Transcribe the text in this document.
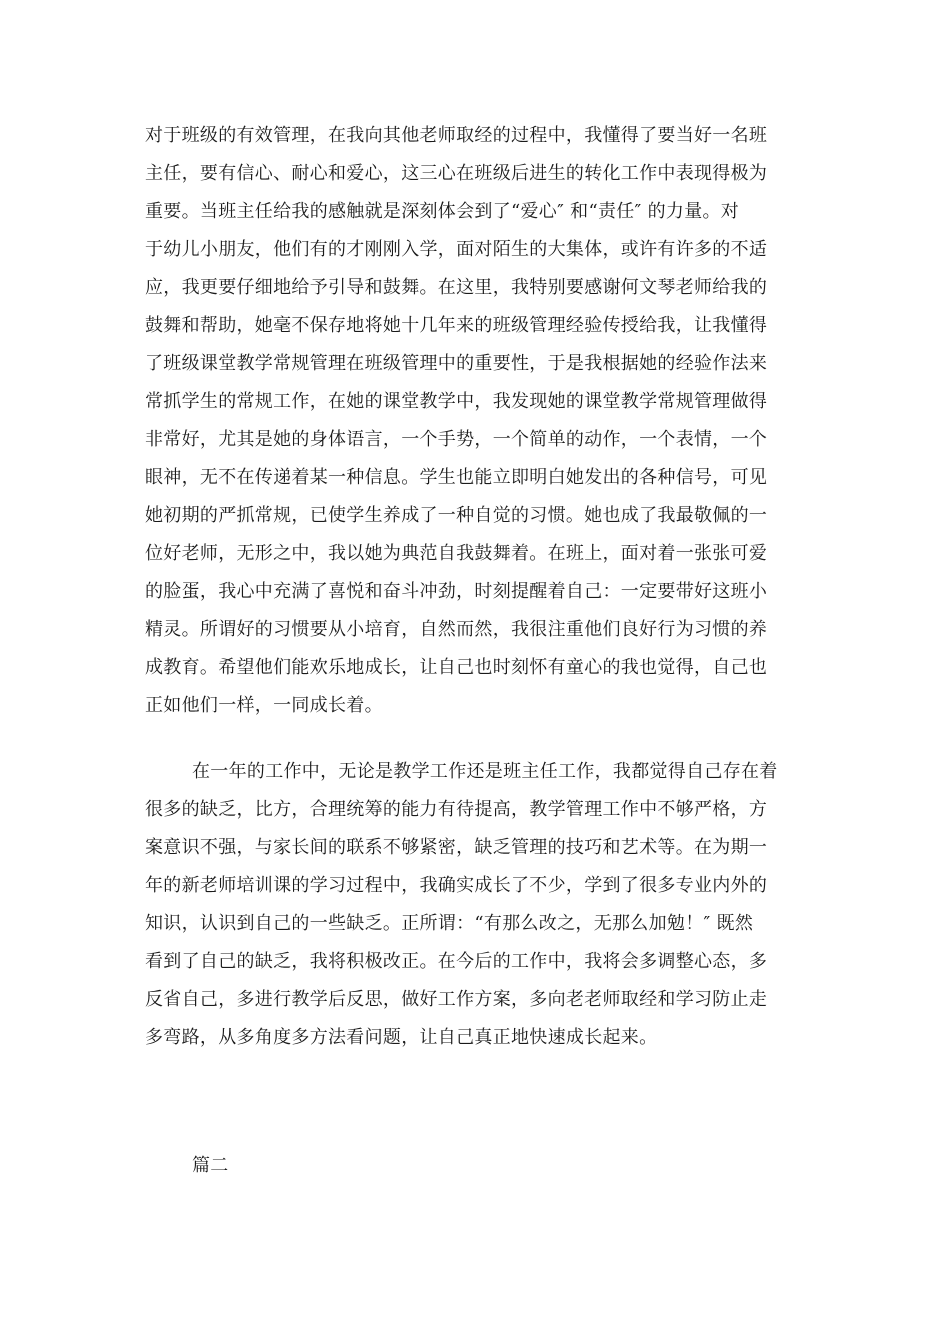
对于班级的有效管理，在我向其他老师取经的过程中，我懂得了要当好一名班
主任，要有信心、耐心和爱心，这三心在班级后进生的转化工作中表现得极为
重要。当班主任给我的感触就是深刻体会到了“爱心″ 和“责任″ 的力量。对
于幼儿小朋友，他们有的才刚刚入学，面对陌生的大集体，或许有许多的不适
应，我更要仔细地给予引导和鼓舞。在这里，我特别要感谢何文琴老师给我的
鼓舞和帮助，她毫不保存地将她十几年来的班级管理经验传授给我，让我懂得
了班级课堂教学常规管理在班级管理中的重要性，于是我根据她的经验作法来
常抓学生的常规工作，在她的课堂教学中，我发现她的课堂教学常规管理做得
非常好，尤其是她的身体语言，一个手势，一个简单的动作，一个表情，一个
眼神，无不在传递着某一种信息。学生也能立即明白她发出的各种信号，可见
她初期的严抓常规，已使学生养成了一种自觉的习惯。她也成了我最敬佩的一
位好老师，无形之中，我以她为典范自我鼓舞着。在班上，面对着一张张可爱
的脸蛋，我心中充满了喜悦和奋斗冲劲，时刻提醒着自己：一定要带好这班小
精灵。所谓好的习惯要从小培育，自然而然，我很注重他们良好行为习惯的养
成教育。希望他们能欢乐地成长，让自己也时刻怀有童心的我也觉得，自己也
正如他们一样，一同成长着。
在一年的工作中，无论是教学工作还是班主任工作，我都觉得自己存在着
很多的缺乏，比方，合理统筹的能力有待提高，教学管理工作中不够严格，方
案意识不强，与家长间的联系不够紧密，缺乏管理的技巧和艺术等。在为期一
年的新老师培训课的学习过程中，我确实成长了不少，学到了很多专业内外的
知识，认识到自己的一些缺乏。正所谓：“有那么改之，无那么加勉！″ 既然
看到了自己的缺乏，我将积极改正。在今后的工作中，我将会多调整心态，多
反省自己，多进行教学后反思，做好工作方案，多向老老师取经和学习防止走
多弯路，从多角度多方法看问题，让自己真正地快速成长起来。
篇二
